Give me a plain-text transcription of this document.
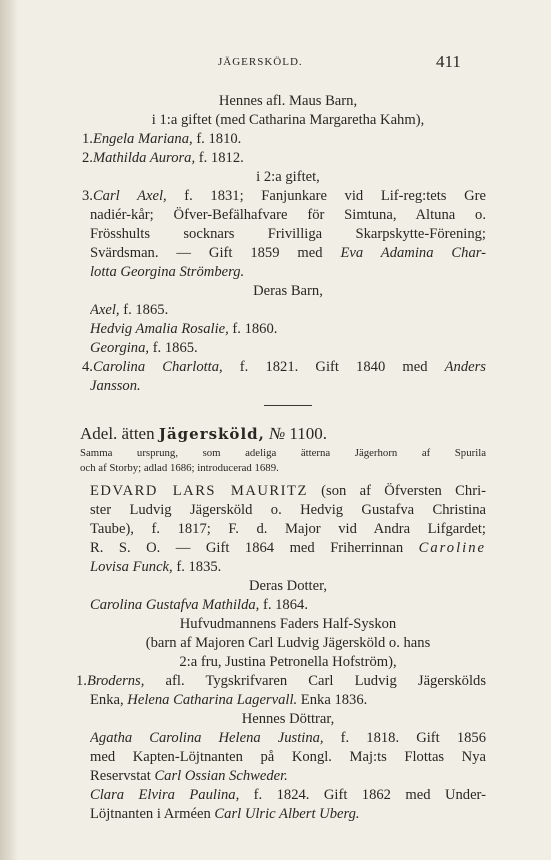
JÄGERSKÖLD.	411
Hennes afl. Maus Barn,
i 1:a giftet (med Catharina Margaretha Kahm),
1.Engela Mariana, f. 1810.
2.Mathilda Aurora, f. 1812.
i 2:a giftet,
3.Carl Axel, f. 1831; Fanjunkare vid Lif-reg:tets Gre
nadiér-kår; Öfver-Befälhafvare för Simtuna, Altuna o.
Frösshults socknars Frivilliga Skarpskytte-Förening;
Svärdsman. — Gift 1859 med Eva Adamina Char-
lotta Georgina Strömberg.
Deras Barn,
Axel, f. 1865.
Hedvig Amalia Rosalie, f. 1860.
Georgina, f. 1865.
4.Carolina Charlotta, f. 1821. Gift 1840 med Anders
Jansson.
Adel. ätten Jägersköld, № 1100.
Samma ursprung, som adeliga ätterna Jägerhorn af Spurila
och af Storby; adlad 1686; introducerad 1689.
EDVARD LARS MAURITZ (son af Öfversten Chri-
ster Ludvig Jägersköld o. Hedvig Gustafva Christina
Taube), f. 1817; F. d. Major vid Andra Lifgardet;
R. S. O. — Gift 1864 med Friherrinnan Caroline
Lovisa Funck, f. 1835.
Deras Dotter,
Carolina Gustafva Mathilda, f. 1864.
Hufvudmannens Faders Half-Syskon
(barn af Majoren Carl Ludvig Jägersköld o. hans
2:a fru, Justina Petronella Hofström),
1.Broderns, afl. Tygskrifvaren Carl Ludvig Jägerskölds
Enka, Helena Catharina Lagervall. Enka 1836.
Hennes Döttrar,
Agatha Carolina Helena Justina, f. 1818. Gift 1856
med Kapten-Löjtnanten på Kongl. Maj:ts Flottas Nya
Reservstat Carl Ossian Schweder.
Clara Elvira Paulina, f. 1824. Gift 1862 med Under-
Löjtnanten i Arméen Carl Ulric Albert Uberg.
